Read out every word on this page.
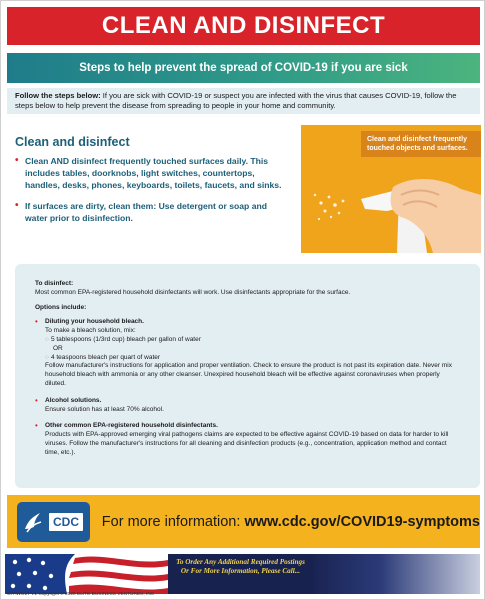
CLEAN AND DISINFECT
Steps to help prevent the spread of COVID-19 if you are sick
Follow the steps below: If you are sick with COVID-19 or suspect you are infected with the virus that causes COVID-19, follow the steps below to help prevent the disease from spreading to people in your home and community.
Clean and disinfect
• Clean AND disinfect frequently touched surfaces daily. This includes tables, doorknobs, light switches, countertops, handles, desks, phones, keyboards, toilets, faucets, and sinks.
• If surfaces are dirty, clean them: Use detergent or soap and water prior to disinfection.
Clean and disinfect frequently touched objects and surfaces.

To disinfect:
Most common EPA-registered household disinfectants will work. Use disinfectants appropriate for the surface.

Options include:

•	Diluting your household bleach.
To make a bleach solution, mix:
○ 5 tablespoons (1/3rd cup) bleach per gallon of water
OR
○ 4 teaspoons bleach per quart of water
Follow manufacturer's instructions for application and proper ventilation. Check to ensure the product is not past its expiration date. Never mix household bleach with ammonia or any other cleanser. Unexpired household bleach will be effective against coronaviruses when properly diluted.
•	Alcohol solutions.
Ensure solution has at least 70% alcohol.
•	Other common EPA-registered household disinfectants.
Products with EPA-approved emerging viral pathogens claims are expected to be effective against COVID-19 based on data for harder to kill viruses. Follow the manufacturer's instructions for all cleaning and disinfection products (e.g., concentration, application method and contact time, etc.).
CDC For more information: www.cdc.gov/COVID19-symptoms
To Order Any Additional Required Postings Or For More Information, Please Call...
CPAWOLT V1 Copyright © 2020 ELITE BUSINESS VENTURES, INC
